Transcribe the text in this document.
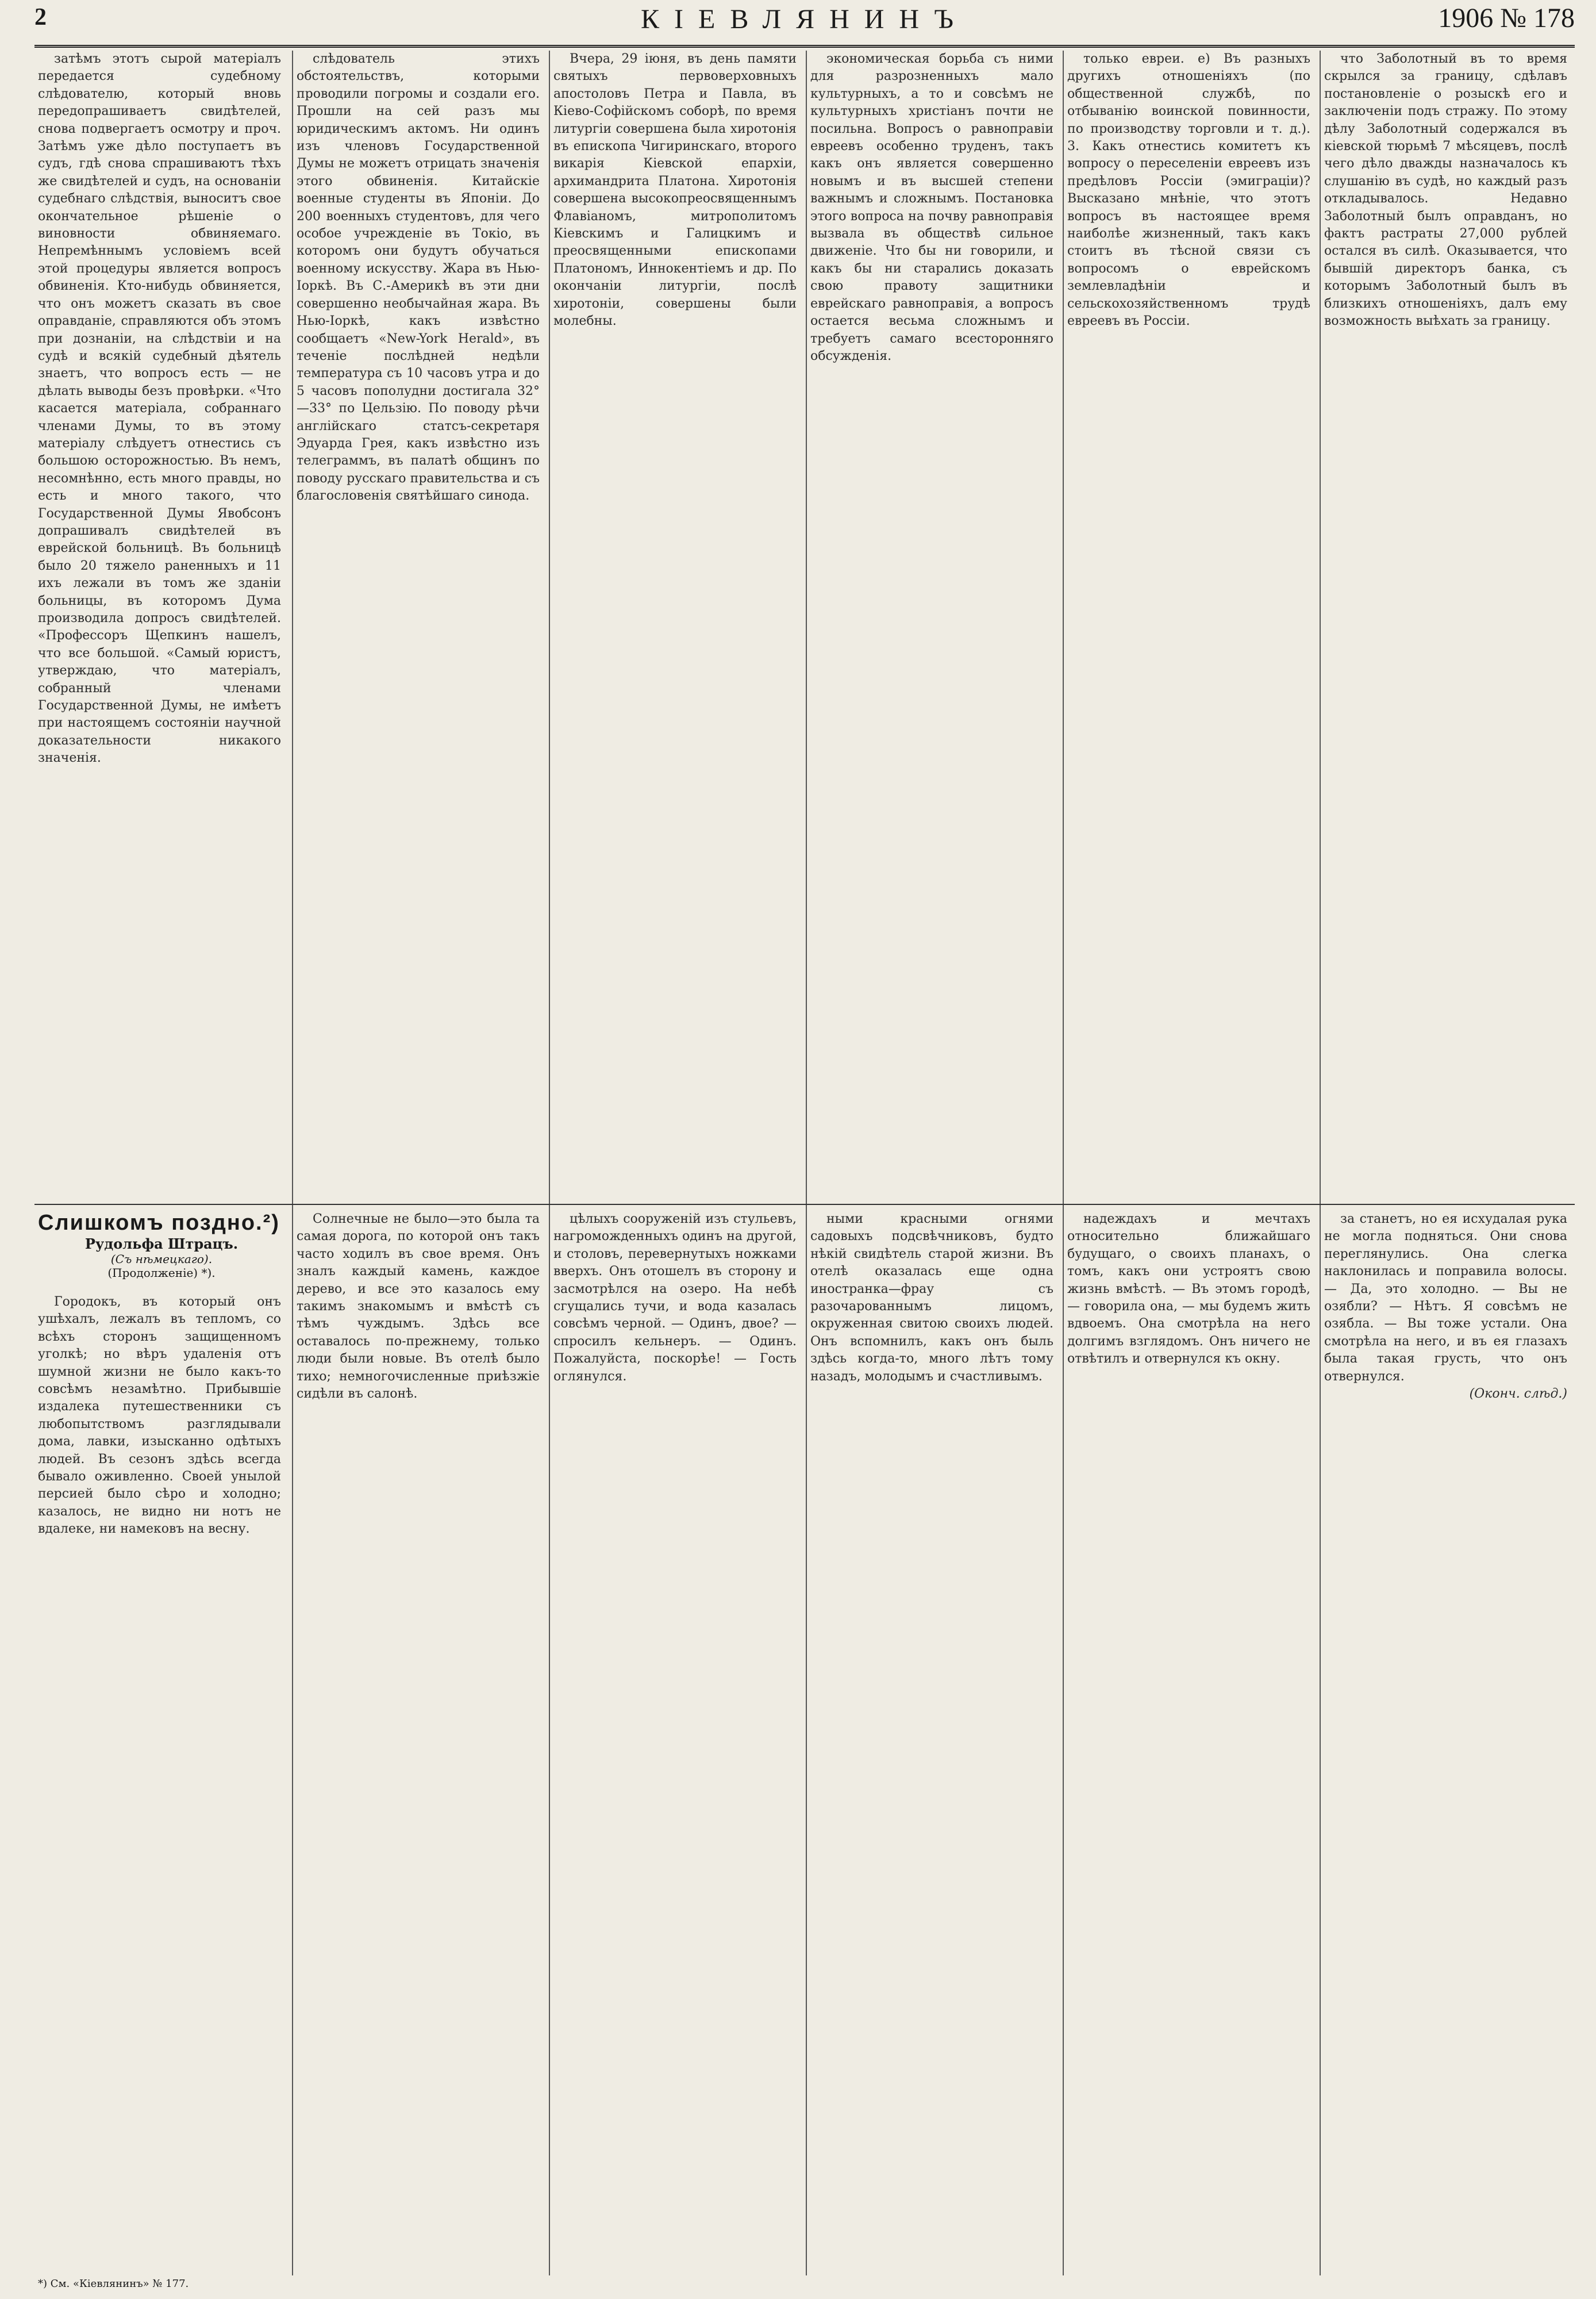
2	КІЕВЛЯНИНЪ	1906 № 178

затѣмъ этотъ сырой матеріалъ передается судебному слѣдователю, который вновь передопрашиваетъ свидѣтелей, снова подвергаетъ осмотру и проч. Затѣмъ уже дѣло поступаетъ въ судъ, гдѣ снова спрашиваютъ тѣхъ же свидѣтелей и судъ, на основаніи судебнаго слѣдствія, выноситъ свое окончательное рѣшеніе о виновности обвиняемаго. Непремѣннымъ условіемъ всей этой процедуры является вопросъ обвиненія. Кто-нибудь обвиняется, что онъ можетъ сказать въ свое оправданіе, справляются объ этомъ при дознаніи, на слѣдствіи и на судѣ и всякій судебный дѣятель знаетъ, что вопросъ есть — не дѣлать выводы безъ провѣрки. «Что касается матеріала, собраннаго членами Думы, то въ этому матеріалу слѣдуетъ отнестись съ большою осторожностью. Въ немъ, несомнѣнно, есть много правды, но есть и много такого, что Государственной Думы Явобсонъ допрашивалъ свидѣтелей въ еврейской больницѣ. Въ больницѣ было 20 тяжело раненныхъ и 11 ихъ лежали въ томъ же зданіи больницы, въ которомъ Дума производила допросъ свидѣтелей. «Профессоръ Щепкинъ нашелъ, что все большой. «Самый юристъ, утверждаю, что матеріалъ, собранный членами Государственной Думы, не имѣетъ при настоящемъ состояніи научной доказательности никакого значенія.

слѣдователь этихъ обстоятельствъ, которыми проводили погромы и создали его. Прошли на сей разъ мы юридическимъ актомъ. Ни одинъ изъ членовъ Государственной Думы не можетъ отрицать значенія этого обвиненія. Китайскіе военные студенты въ Японіи. До 200 военныхъ студентовъ, для чего особое учрежденіе въ Токіо, въ которомъ они будутъ обучаться военному искусству. Жара въ Нью-Іоркѣ. Въ С.-Америкѣ въ эти дни совершенно необычайная жара. Въ Нью-Іоркѣ, какъ извѣстно сообщаетъ «New-York Herald», въ теченіе послѣдней недѣли температура съ 10 часовъ утра и до 5 часовъ пополудни достигала 32°—33° по Цельзію. По поводу рѣчи англійскаго статсъ-секретаря Эдуарда Грея, какъ извѣстно изъ телеграммъ, въ палатѣ общинъ по поводу русскаго правительства и съ благословенія святѣйшаго синода.

Вчера, 29 іюня, въ день памяти святыхъ первоверховныхъ апостоловъ Петра и Павла, въ Кіево-Софійскомъ соборѣ, по время литургіи совершена была хиротонія въ епископа Чигиринскаго, второго викарія Кіевской епархіи, архимандрита Платона. Хиротонія совершена высокопреосвященнымъ Флавіаномъ, митрополитомъ Кіевскимъ и Галицкимъ и преосвященными епископами Платономъ, Иннокентіемъ и др. По окончаніи литургіи, послѣ хиротоніи, совершены были молебны.

экономическая борьба съ ними для разрозненныхъ мало культурныхъ, а то и совсѣмъ не культурныхъ христіанъ почти не посильна. Вопросъ о равноправіи евреевъ особенно труденъ, такъ какъ онъ является совершенно новымъ и въ высшей степени важнымъ и сложнымъ. Постановка этого вопроса на почву равноправія вызвала въ обществѣ сильное движеніе. Что бы ни говорили, и какъ бы ни старались доказать свою правоту защитники еврейскаго равноправія, а вопросъ остается весьма сложнымъ и требуетъ самаго всесторонняго обсужденія.

только евреи. е) Въ разныхъ другихъ отношеніяхъ (по общественной службѣ, по отбыванію воинской повинности, по производству торговли и т. д.). 3. Какъ отнестись комитетъ къ вопросу о переселеніи евреевъ изъ предѣловъ Россіи (эмиграціи)? Высказано мнѣніе, что этотъ вопросъ въ настоящее время наиболѣе жизненный, такъ какъ стоитъ въ тѣсной связи съ вопросомъ о еврейскомъ землевладѣніи и сельскохозяйственномъ трудѣ евреевъ въ Россіи.

что Заболотный въ то время скрылся за границу, сдѣлавъ постановленіе о розыскѣ его и заключеніи подъ стражу. По этому дѣлу Заболотный содержался въ кіевской тюрьмѣ 7 мѣсяцевъ, послѣ чего дѣло дважды назначалось къ слушанію въ судѣ, но каждый разъ откладывалось. Недавно Заболотный былъ оправданъ, но фактъ растраты 27,000 рублей остался въ силѣ. Оказывается, что бывшій директоръ банка, съ которымъ Заболотный былъ въ близкихъ отношеніяхъ, далъ ему возможность выѣхать за границу.

Слишкомъ поздно.²)
Рудольфа Штрацъ.
(Съ нѣмецкаго).
(Продолженіе) *).

Городокъ, въ который онъ ушѣхалъ, лежалъ въ тепломъ, со всѣхъ сторонъ защищенномъ уголкѣ; но вѣръ удаленія отъ шумной жизни не было какъ-то совсѣмъ незамѣтно. Прибывшіе издалека путешественники съ любопытствомъ разглядывали дома, лавки, изысканно одѣтыхъ людей. Въ сезонъ здѣсь всегда бывало оживленно. Своей унылой персией было сѣро и холодно; казалось, не видно ни нотъ не вдалеке, ни намековъ на весну.

Солнечные не было—это была та самая дорога, по которой онъ такъ часто ходилъ въ свое время. Онъ зналъ каждый камень, каждое дерево, и все это казалось ему такимъ знакомымъ и вмѣстѣ съ тѣмъ чуждымъ. Здѣсь все оставалось по-прежнему, только люди были новые. Въ отелѣ было тихо; немногочисленные приѣзжіе сидѣли въ салонѣ.

цѣлыхъ сооруженій изъ стульевъ, нагроможденныхъ одинъ на другой, и столовъ, перевернутыхъ ножками вверхъ. Онъ отошелъ въ сторону и засмотрѣлся на озеро. На небѣ сгущались тучи, и вода казалась совсѣмъ черной. — Одинъ, двое? — спросилъ кельнеръ. — Одинъ. Пожалуйста, поскорѣе! — Гость оглянулся.

ными красными огнями садовыхъ подсвѣчниковъ, будто нѣкій свидѣтель старой жизни. Въ отелѣ оказалась еще одна иностранка—фрау съ разочарованнымъ лицомъ, окруженная свитою своихъ людей. Онъ вспомнилъ, какъ онъ быль здѣсь когда-то, много лѣтъ тому назадъ, молодымъ и счастливымъ.

надеждахъ и мечтахъ относительно ближайшаго будущаго, о своихъ планахъ, о томъ, какъ они устроятъ свою жизнь вмѣстѣ. — Въ этомъ городѣ, — говорила она, — мы будемъ жить вдвоемъ. Она смотрѣла на него долгимъ взглядомъ. Онъ ничего не отвѣтилъ и отвернулся къ окну.

за станетъ, но ея исхудалая рука не могла подняться. Они снова переглянулись. Она слегка наклонилась и поправила волосы. — Да, это холодно. — Вы не озябли? — Нѣтъ. Я совсѣмъ не озябла. — Вы тоже устали. Она смотрѣла на него, и въ ея глазахъ была такая грусть, что онъ отвернулся.

(Оконч. слѣд.)

*) См. «Кіевлянинъ» № 177.
